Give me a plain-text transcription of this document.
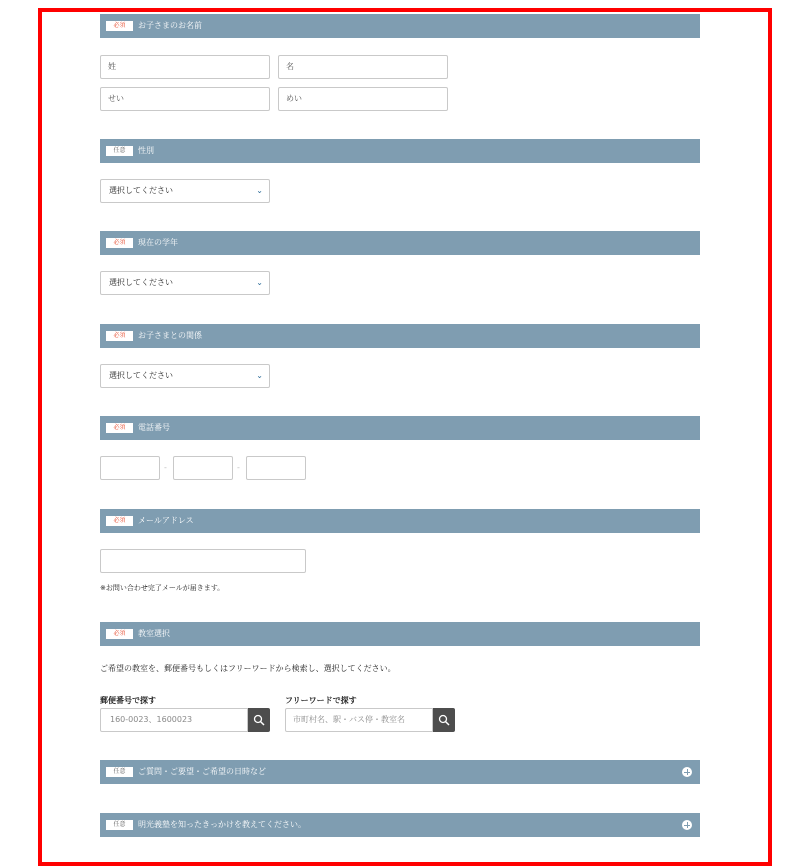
必須	お子さまのお名前
姓	名
せい	めい
任意	性別
選択してください	⌄
必須	現在の学年
選択してください	⌄
必須	お子さまとの関係
選択してください	⌄
必須	電話番号
-	-
必須	メールアドレス
※お問い合わせ完了メールが届きます。
必須	教室選択
ご希望の教室を、郵便番号もしくはフリーワードから検索し、選択してください。
郵便番号で探す
160-0023、1600023
フリーワードで探す
市町村名、駅・バス停・教室名
任意	ご質問・ご要望・ご希望の日時など
任意	明光義塾を知ったきっかけを教えてください。
